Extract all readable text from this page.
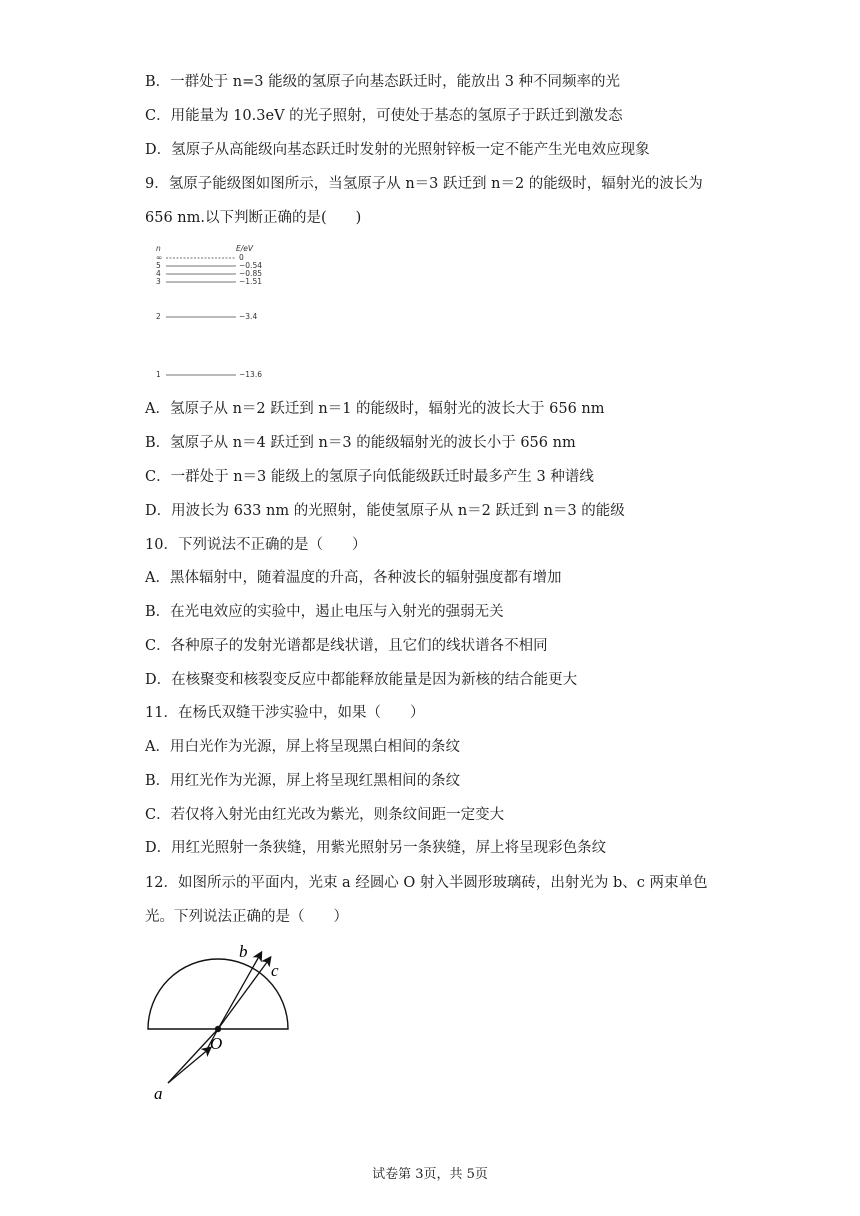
B．一群处于 n=3 能级的氢原子向基态跃迁时，能放出 3 种不同频率的光
C．用能量为 10.3eV 的光子照射，可使处于基态的氢原子于跃迁到激发态
D．氢原子从高能级向基态跃迁时发射的光照射锌板一定不能产生光电效应现象
9．氢原子能级图如图所示，当氢原子从 n＝3 跃迁到 n＝2 的能级时，辐射光的波长为
656 nm.以下判断正确的是(　　)
n	E/eV
∞	0
5	−0.54
4	−0.85
3	−1.51
2	−3.4
1	−13.6
A．氢原子从 n＝2 跃迁到 n＝1 的能级时，辐射光的波长大于 656 nm
B．氢原子从 n＝4 跃迁到 n＝3 的能级辐射光的波长小于 656 nm
C．一群处于 n＝3 能级上的氢原子向低能级跃迁时最多产生 3 种谱线
D．用波长为 633 nm 的光照射，能使氢原子从 n＝2 跃迁到 n＝3 的能级
10．下列说法不正确的是（　　）
A．黑体辐射中，随着温度的升高，各种波长的辐射强度都有增加
B．在光电效应的实验中，遏止电压与入射光的强弱无关
C．各种原子的发射光谱都是线状谱，且它们的线状谱各不相同
D．在核聚变和核裂变反应中都能释放能量是因为新核的结合能更大
11．在杨氏双缝干涉实验中，如果（　　）
A．用白光作为光源，屏上将呈现黑白相间的条纹
B．用红光作为光源，屏上将呈现红黑相间的条纹
C．若仅将入射光由红光改为紫光，则条纹间距一定变大
D．用红光照射一条狭缝，用紫光照射另一条狭缝，屏上将呈现彩色条纹
12．如图所示的平面内，光束 a 经圆心 O 射入半圆形玻璃砖，出射光为 b、c 两束单色
光。下列说法正确的是（　　）
O
a
b
c
试卷第 3页，共 5页
